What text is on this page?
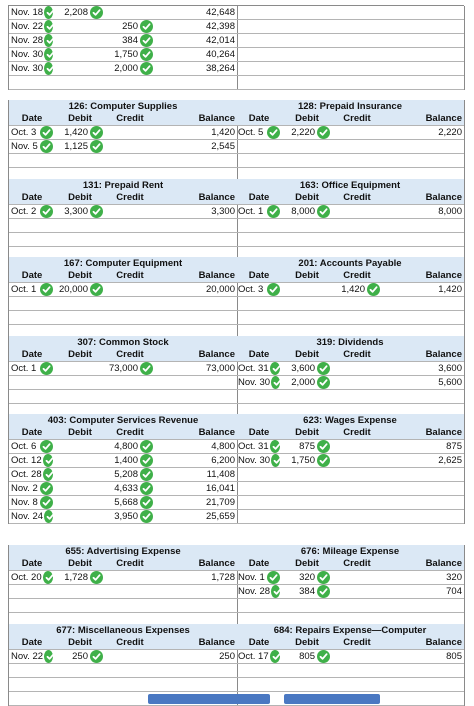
Nov. 18	2,208		42,648

Nov. 22		250	42,398

Nov. 28		384	42,014

Nov. 30		1,750	40,264

Nov. 30		2,000	38,264

126: Computer Supplies			
Date	Debit	Credit	Balance

Oct. 3	1,420		1,420

Nov. 5	1,125		2,545

128: Prepaid Insurance			
Date	Debit	Credit	Balance

Oct. 5	2,220		2,220

131: Prepaid Rent			
Date	Debit	Credit	Balance

Oct. 2	3,300		3,300

163: Office Equipment			
Date	Debit	Credit	Balance

Oct. 1	8,000		8,000

167: Computer Equipment			
Date	Debit	Credit	Balance

Oct. 1	20,000		20,000

201: Accounts Payable			
Date	Debit	Credit	Balance

Oct. 3		1,420	1,420

307: Common Stock			
Date	Debit	Credit	Balance

Oct. 1		73,000	73,000

319: Dividends			
Date	Debit	Credit	Balance

Oct. 31	3,600		3,600

Nov. 30	2,000		5,600

403: Computer Services Revenue			
Date	Debit	Credit	Balance

Oct. 6		4,800	4,800

Oct. 12		1,400	6,200

Oct. 28		5,208	11,408

Nov. 2		4,633	16,041

Nov. 8		5,668	21,709

Nov. 24		3,950	25,659
623: Wages Expense			
Date	Debit	Credit	Balance

Oct. 31	875		875

Nov. 30	1,750		2,625

655: Advertising Expense			
Date	Debit	Credit	Balance

Oct. 20	1,728		1,728

676: Mileage Expense			
Date	Debit	Credit	Balance

Nov. 1	320		320

Nov. 28	384		704

677: Miscellaneous Expenses			
Date	Debit	Credit	Balance

Nov. 22	250		250

684: Repairs Expense—Computer			
Date	Debit	Credit	Balance

Oct. 17	805		805
